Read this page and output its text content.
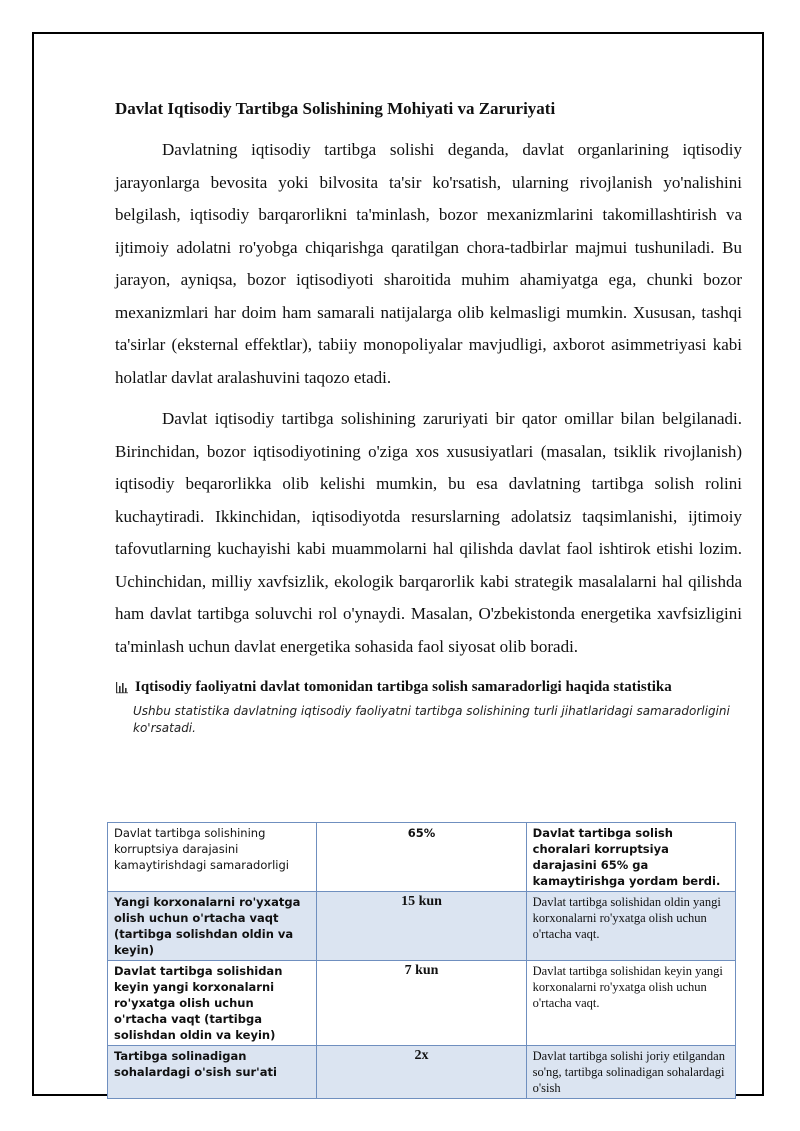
Davlat Iqtisodiy Tartibga Solishining Mohiyati va Zaruriyati

Davlatning iqtisodiy tartibga solishi deganda, davlat organlarining iqtisodiy jarayonlarga bevosita yoki bilvosita ta'sir ko'rsatish, ularning rivojlanish yo'nalishini belgilash, iqtisodiy barqarorlikni ta'minlash, bozor mexanizmlarini takomillashtirish va ijtimoiy adolatni ro'yobga chiqarishga qaratilgan chora-tadbirlar majmui tushuniladi. Bu jarayon, ayniqsa, bozor iqtisodiyoti sharoitida muhim ahamiyatga ega, chunki bozor mexanizmlari har doim ham samarali natijalarga olib kelmasligi mumkin. Xususan, tashqi ta'sirlar (eksternal effektlar), tabiiy monopoliyalar mavjudligi, axborot asimmetriyasi kabi holatlar davlat aralashuvini taqozo etadi.

Davlat iqtisodiy tartibga solishining zaruriyati bir qator omillar bilan belgilanadi. Birinchidan, bozor iqtisodiyotining o'ziga xos xususiyatlari (masalan, tsiklik rivojlanish) iqtisodiy beqarorlikka olib kelishi mumkin, bu esa davlatning tartibga solish rolini kuchaytiradi. Ikkinchidan, iqtisodiyotda resurslarning adolatsiz taqsimlanishi, ijtimoiy tafovutlarning kuchayishi kabi muammolarni hal qilishda davlat faol ishtirok etishi lozim. Uchinchidan, milliy xavfsizlik, ekologik barqarorlik kabi strategik masalalarni hal qilishda ham davlat tartibga soluvchi rol o'ynaydi. Masalan, O'zbekistonda energetika xavfsizligini ta'minlash uchun davlat energetika sohasida faol siyosat olib boradi.

Iqtisodiy faoliyatni davlat tomonidan tartibga solish samaradorligi haqida statistika
Ushbu statistika davlatning iqtisodiy faoliyatni tartibga solishining turli jihatlaridagi samaradorligini ko'rsatadi.
Davlat tartibga solishining korruptsiya darajasini kamaytirishdagi samaradorligi	65%	Davlat tartibga solish choralari korruptsiya darajasini 65% ga kamaytirishga yordam berdi.
Yangi korxonalarni ro'yxatga olish uchun o'rtacha vaqt (tartibga solishdan oldin va keyin)	15 kun	Davlat tartibga solishidan oldin yangi korxonalarni ro'yxatga olish uchun o'rtacha vaqt.
Davlat tartibga solishidan keyin yangi korxonalarni ro'yxatga olish uchun o'rtacha vaqt (tartibga solishdan oldin va keyin)	7 kun	Davlat tartibga solishidan keyin yangi korxonalarni ro'yxatga olish uchun o'rtacha vaqt.
Tartibga solinadigan sohalardagi o'sish sur'ati	2x	Davlat tartibga solishi joriy etilgandan so'ng, tartibga solinadigan sohalardagi o'sish
